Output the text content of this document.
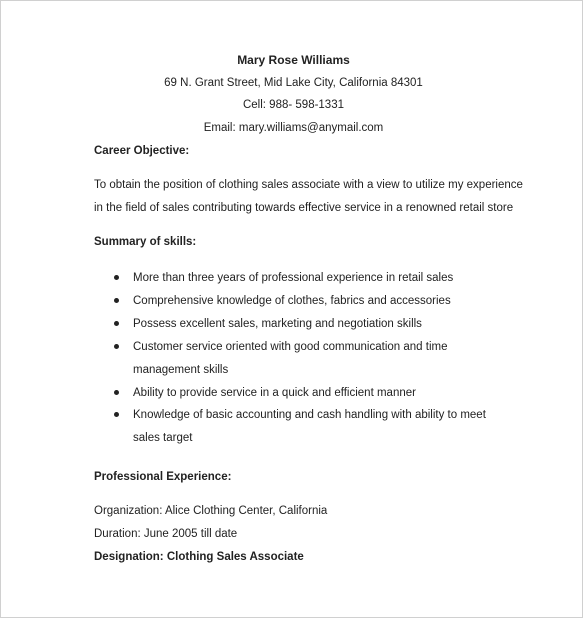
Mary Rose Williams
69 N. Grant Street, Mid Lake City, California 84301
Cell: 988- 598-1331
Email: mary.williams@anymail.com
Career Objective:
To obtain the position of clothing sales associate with a view to utilize my experience
in the field of sales contributing towards effective service in a renowned retail store
Summary of skills:
More than three years of professional experience in retail sales
Comprehensive knowledge of clothes, fabrics and accessories
Possess excellent sales, marketing and negotiation skills
Customer service oriented with good communication and time management skills
Ability to provide service in a quick and efficient manner
Knowledge of basic accounting and cash handling with ability to meet sales target
Professional Experience:
Organization: Alice Clothing Center, California
Duration: June 2005 till date
Designation: Clothing Sales Associate
